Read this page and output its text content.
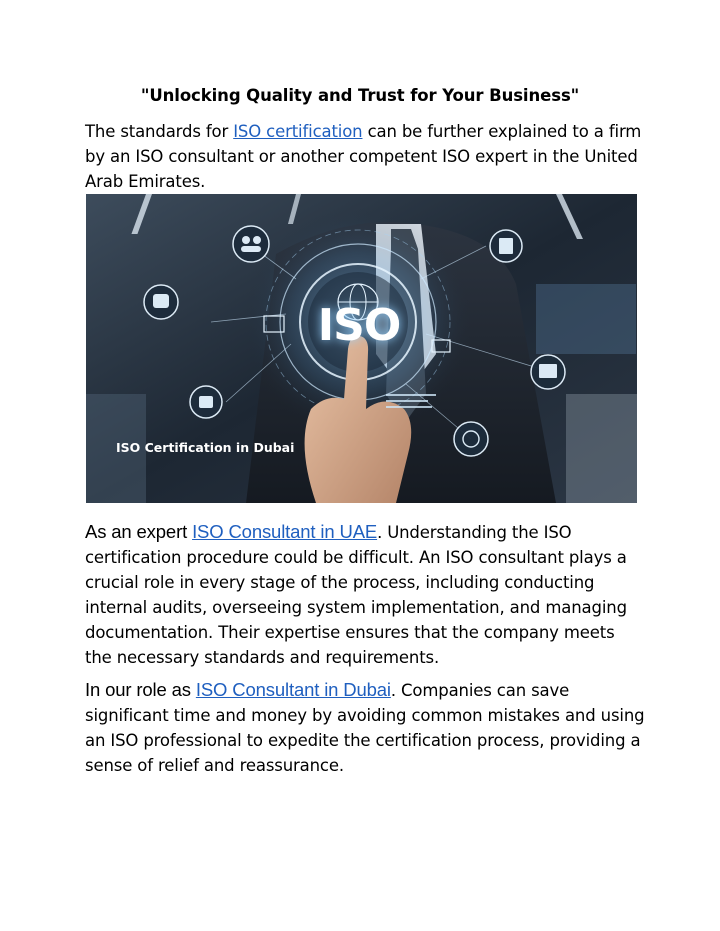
"Unlocking Quality and Trust for Your Business"
The standards for ISO certification can be further explained to a firm by an ISO consultant or another competent ISO expert in the United Arab Emirates.
ISO
ISO Certification in Dubai
As an expert ISO Consultant in UAE. Understanding the ISO certification procedure could be difficult. An ISO consultant plays a crucial role in every stage of the process, including conducting internal audits, overseeing system implementation, and managing documentation. Their expertise ensures that the company meets the necessary standards and requirements.
In our role as ISO Consultant in Dubai. Companies can save significant time and money by avoiding common mistakes and using an ISO professional to expedite the certification process, providing a sense of relief and reassurance.
